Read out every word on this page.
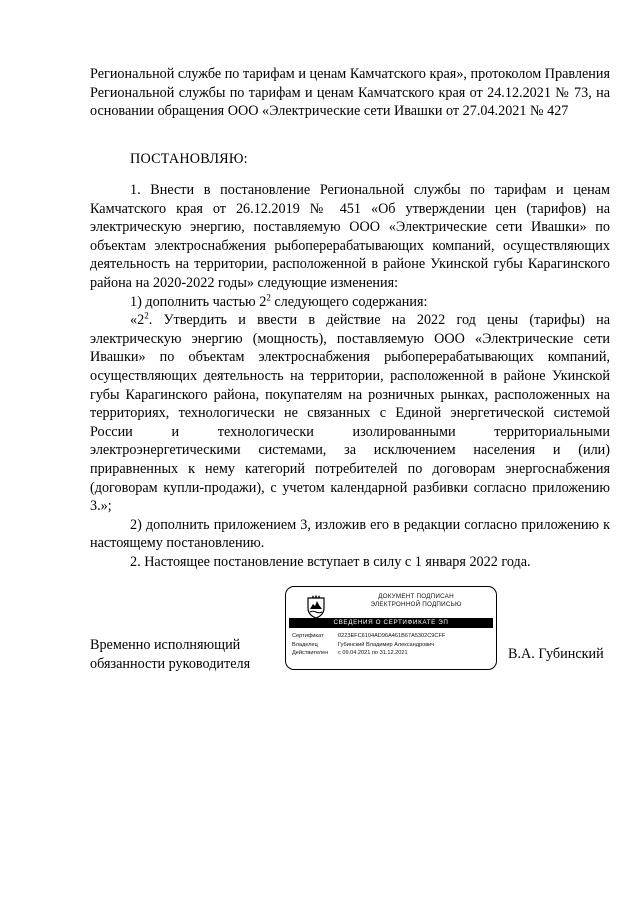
Региональной службе по тарифам и ценам Камчатского края», протоколом Правления Региональной службы по тарифам и ценам Камчатского края от 24.12.2021 № 73, на основании обращения ООО «Электрические сети Ивашки от 27.04.2021 № 427

ПОСТАНОВЛЯЮ:

1. Внести в постановление Региональной службы по тарифам и ценам Камчатского края от 26.12.2019 № 451 «Об утверждении цен (тарифов) на электрическую энергию, поставляемую ООО «Электрические сети Ивашки» по объектам электроснабжения рыбоперерабатывающих компаний, осуществляющих деятельность на территории, расположенной в районе Укинской губы Карагинского района на 2020-2022 годы» следующие изменения:

1) дополнить частью $2^2$ следующего содержания:

«$2^2$. Утвердить и ввести в действие на 2022 год цены (тарифы) на электрическую энергию (мощность), поставляемую ООО «Электрические сети Ивашки» по объектам электроснабжения рыбоперерабатывающих компаний, осуществляющих деятельность на территории, расположенной в районе Укинской губы Карагинского района, покупателям на розничных рынках, расположенных на территориях, технологически не связанных с Единой энергетической системой России и технологически изолированными территориальными электроэнергетическими системами, за исключением населения и (или) приравненных к нему категорий потребителей по договорам энергоснабжения (договорам купли-продажи), с учетом календарной разбивки согласно приложению 3.»;

2) дополнить приложением 3, изложив его в редакции согласно приложению к настоящему постановлению.

2. Настоящее постановление вступает в силу с 1 января 2022 года.

Временно исполняющий
обязанности руководителя
ДОКУМЕНТ ПОДПИСАН
ЭЛЕКТРОННОЙ ПОДПИСЬЮ
СВЕДЕНИЯ О СЕРТИФИКАТЕ ЭП
Сертификат	0223ЕFC6104AD96A461B67A5302C9CFF
Владелец	Губинский Владимир Александрович
Действителен	с 09.04.2021 по 31.12.2021	В.А. Губинский
